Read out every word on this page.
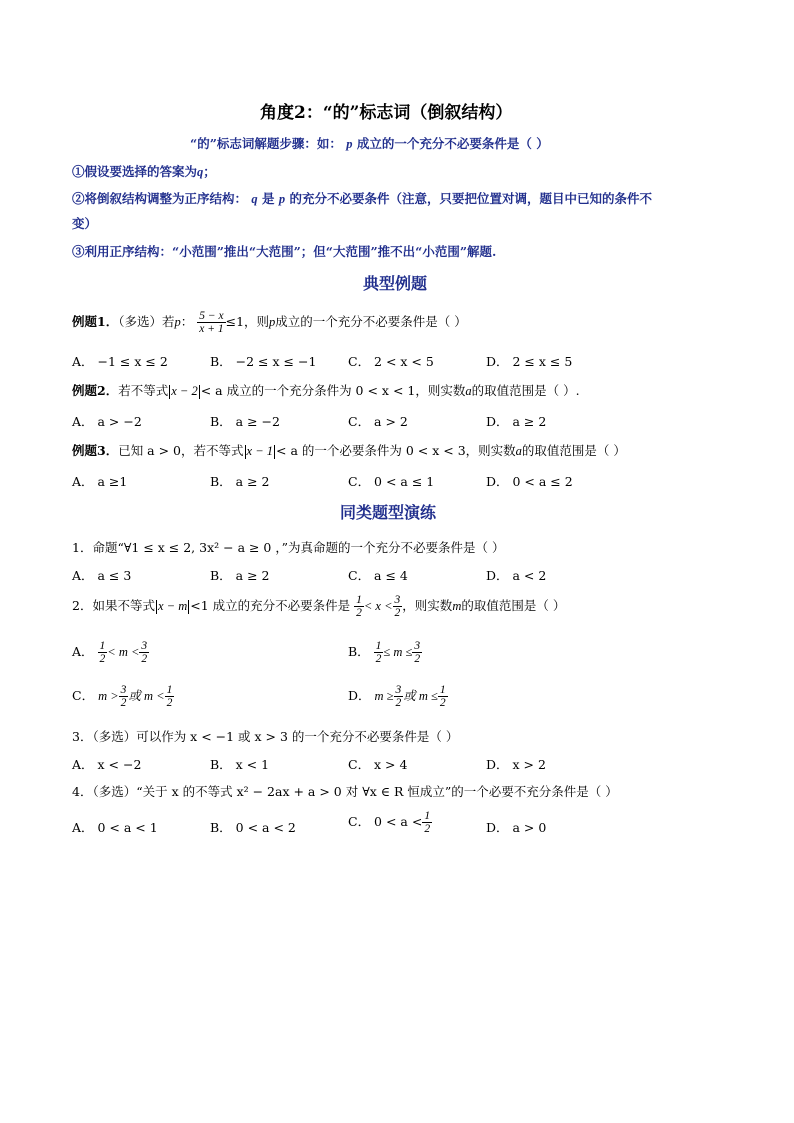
角度2：“的”标志词（倒叙结构）
“的”标志词解题步骤：如： p 成立的一个充分不必要条件是（ ）
①假设要选择的答案为q；
②将倒叙结构调整为正序结构： q 是 p 的充分不必要条件（注意，只要把位置对调，题目中已知的条件不
变）
③利用正序结构：“小范围”推出“大范围”；但“大范围”推不出“小范围”解题.
典型例题
例题1．（多选）若p： $\frac{5 - x}{x + 1} \le 1$，则p成立的一个充分不必要条件是（ ）
A． −1 ≤ x ≤ 2	B． −2 ≤ x ≤ −1	C． 2 < x < 5	D． 2 ≤ x ≤ 5
例题2．若不等式 x − 2 < a 成立的一个充分条件为 0 < x < 1，则实数a的取值范围是（ ）.
A． a > −2	B． a ≥ −2	C． a > 2	D． a ≥ 2
例题3．已知 a > 0，若不等式 x − 1 < a 的一个必要条件为 0 < x < 3，则实数a的取值范围是（ ）
A． a ≥1	B． a ≥ 2	C． 0 < a ≤ 1	D． 0 < a ≤ 2
同类题型演练
1．命题“∀1 ≤ x ≤ 2, 3x² − a ≥ 0 ，”为真命题的一个充分不必要条件是（ ）
A． a ≤ 3	B． a ≥ 2	C． a ≤ 4	D． a < 2
2．如果不等式 x − m <1 成立的充分不必要条件是 $\frac{1}{2} < x < \frac{3}{2}$ ，则实数m的取值范围是（ ）
A． $\frac{1}{2} < m < \frac{3}{2}$	B． $\frac{1}{2} \le m \le \frac{3}{2}$
C． $m > \frac{3}{2}$ 或 $m < \frac{1}{2}$	D． $m \ge \frac{3}{2}$ 或 $m \le \frac{1}{2}$
3．（多选）可以作为 x < −1 或 x > 3 的一个充分不必要条件是（ ）
A． x < −2	B． x < 1	C． x > 4	D． x > 2
4．（多选）“关于 x 的不等式 x² − 2ax + a > 0 对 ∀x ∈ R 恒成立”的一个必要不充分条件是（ ）
A． 0 < a < 1	B． 0 < a < 2	C． $0 < a < \frac{1}{2}$	D． a > 0
